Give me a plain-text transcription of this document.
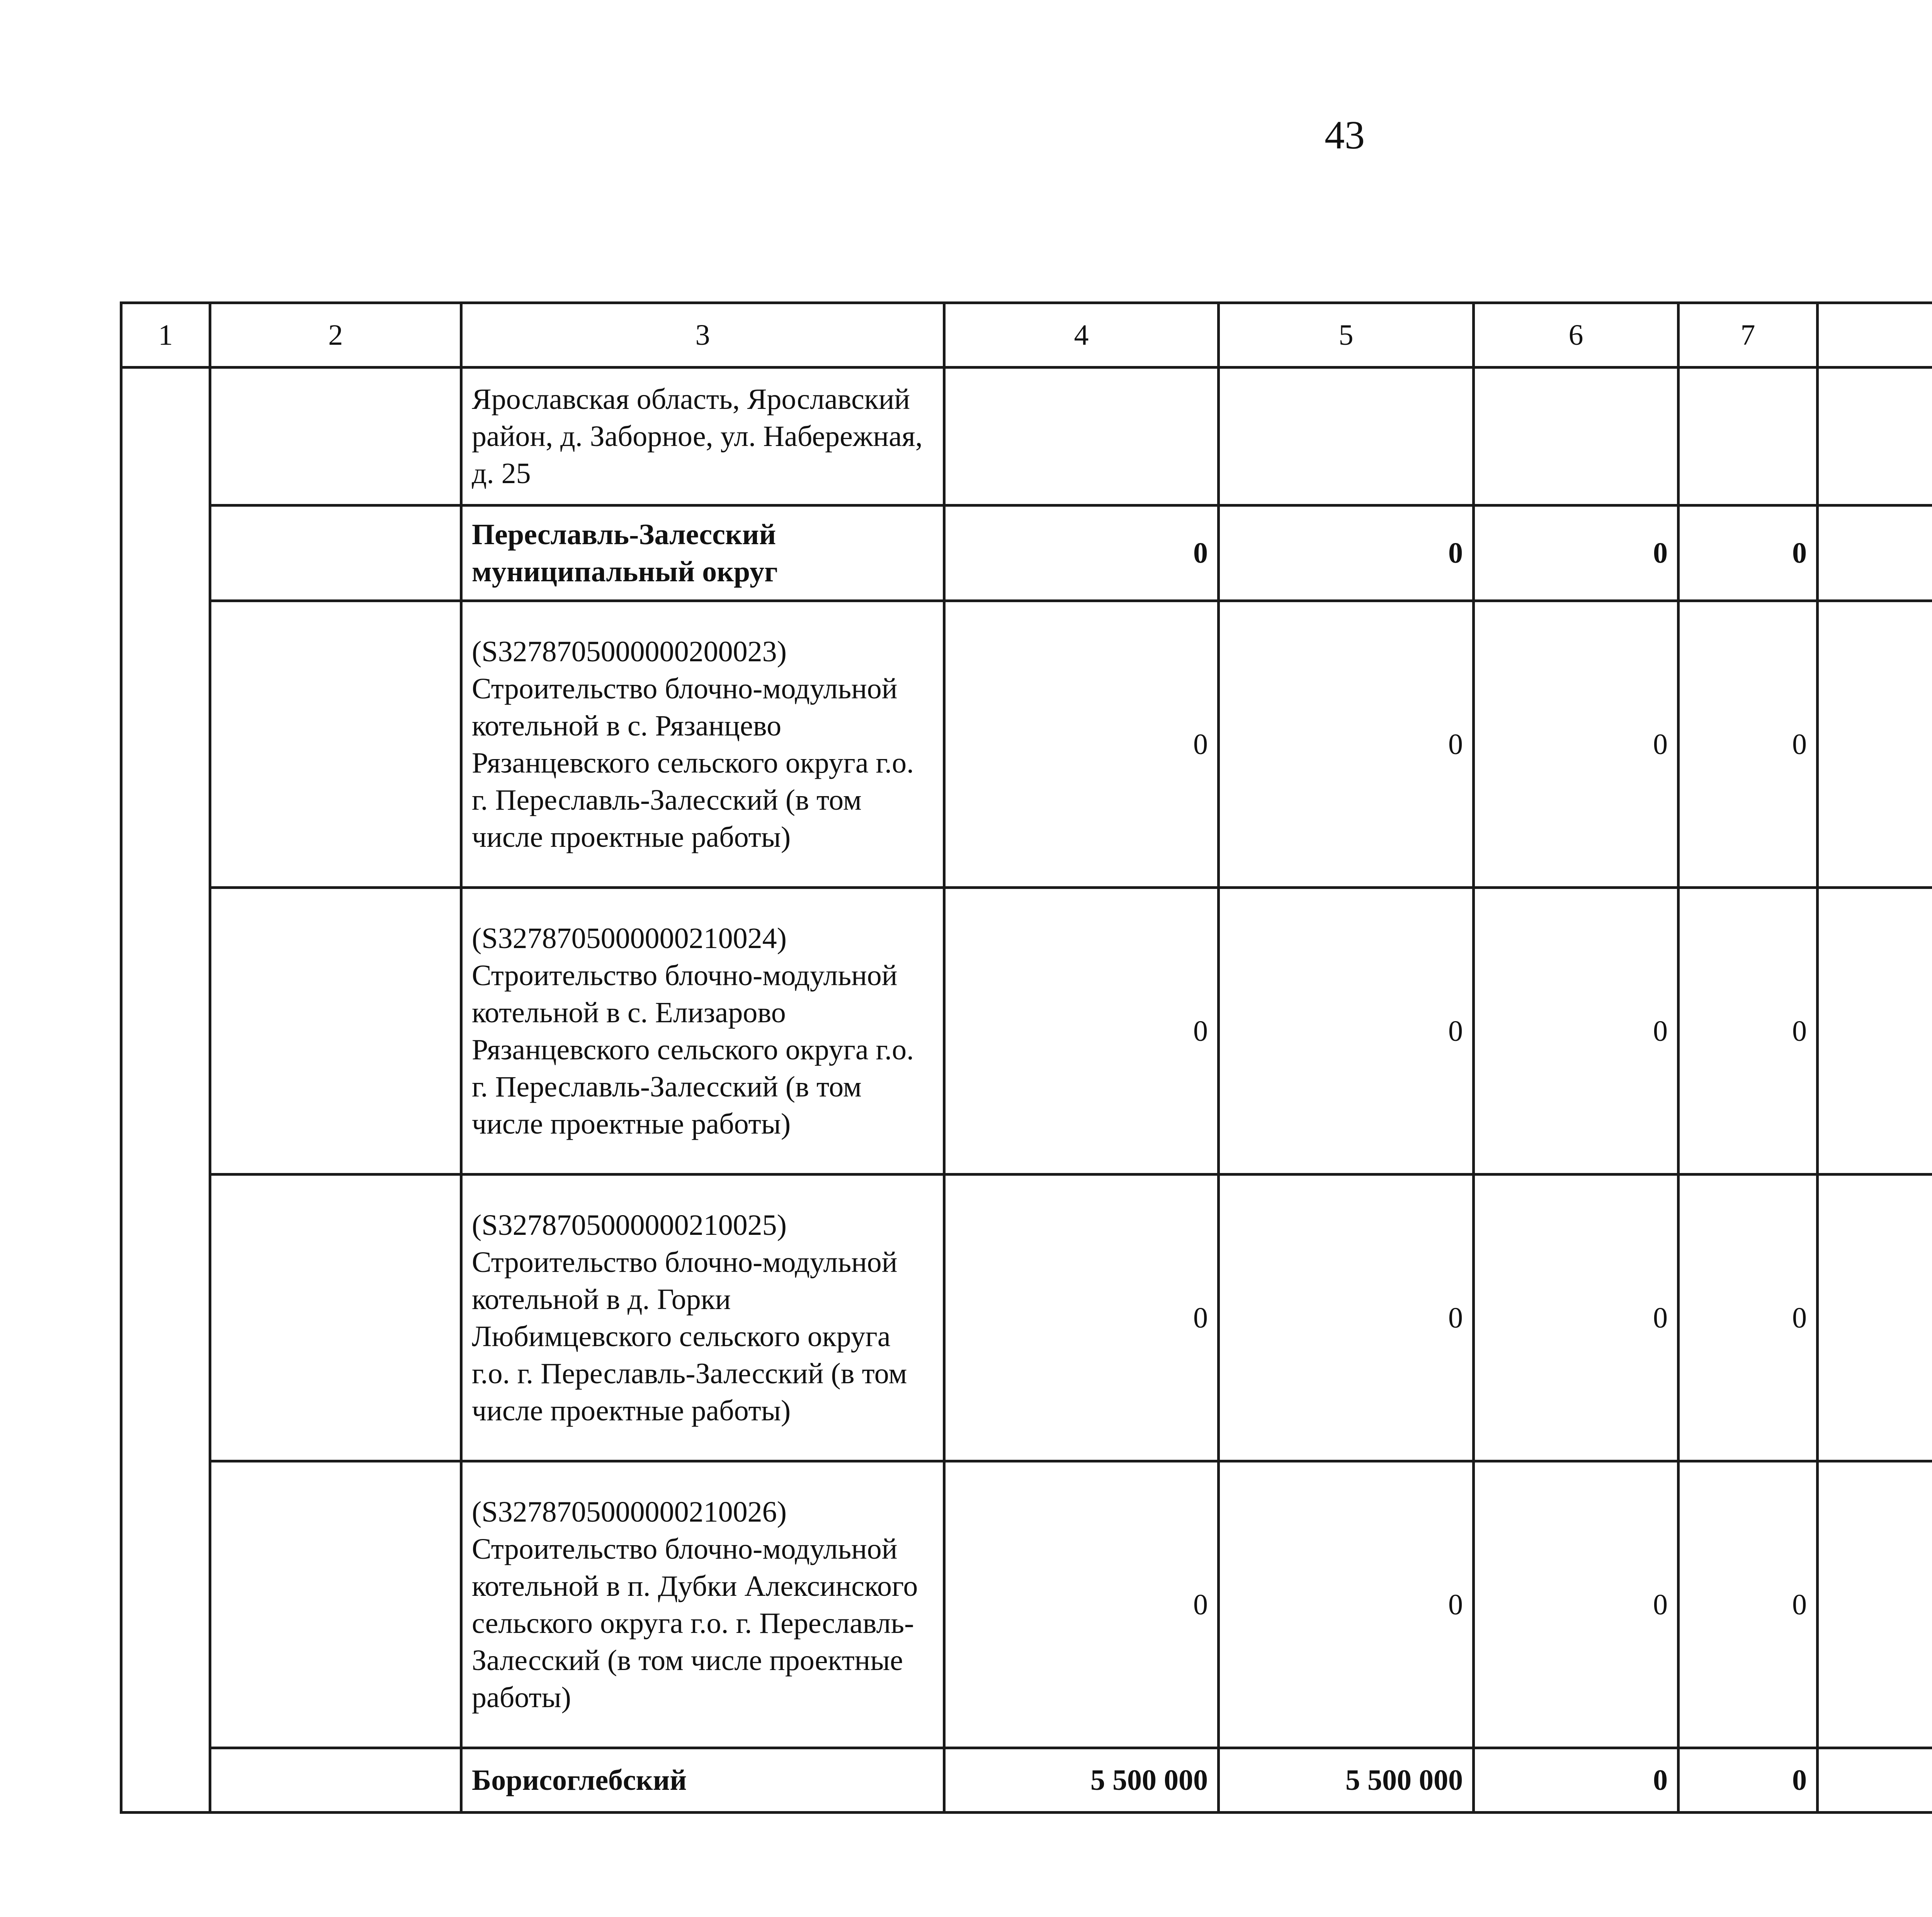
43
1	2	3	4	5	6	7				
		Ярославская область, Ярославский район, д. Заборное, ул. Набережная, д. 25								
		Переславль-Залесский муниципальный округ	0	0	0	0				
		(S3278705000000200023) Строительство блочно-модульной котельной в с. Рязанцево Рязанцевского сельского округа г.о. г. Переславль-Залесский (в том числе проектные работы)	0	0	0	0				
		(S3278705000000210024) Строительство блочно-модульной котельной в с. Елизарово Рязанцевского сельского округа г.о. г. Переславль-Залесский (в том числе проектные работы)	0	0	0	0				
		(S3278705000000210025) Строительство блочно-модульной котельной в д. Горки Любимцевского сельского округа г.о. г. Переславль-Залесский (в том числе проектные работы)	0	0	0	0				
		(S3278705000000210026) Строительство блочно-модульной котельной в п. Дубки Алексинского сельского округа г.о. г. Переславль-Залесский (в том числе проектные работы)	0	0	0	0				
		Борисоглебский	5 500 000	5 500 000	0	0				
